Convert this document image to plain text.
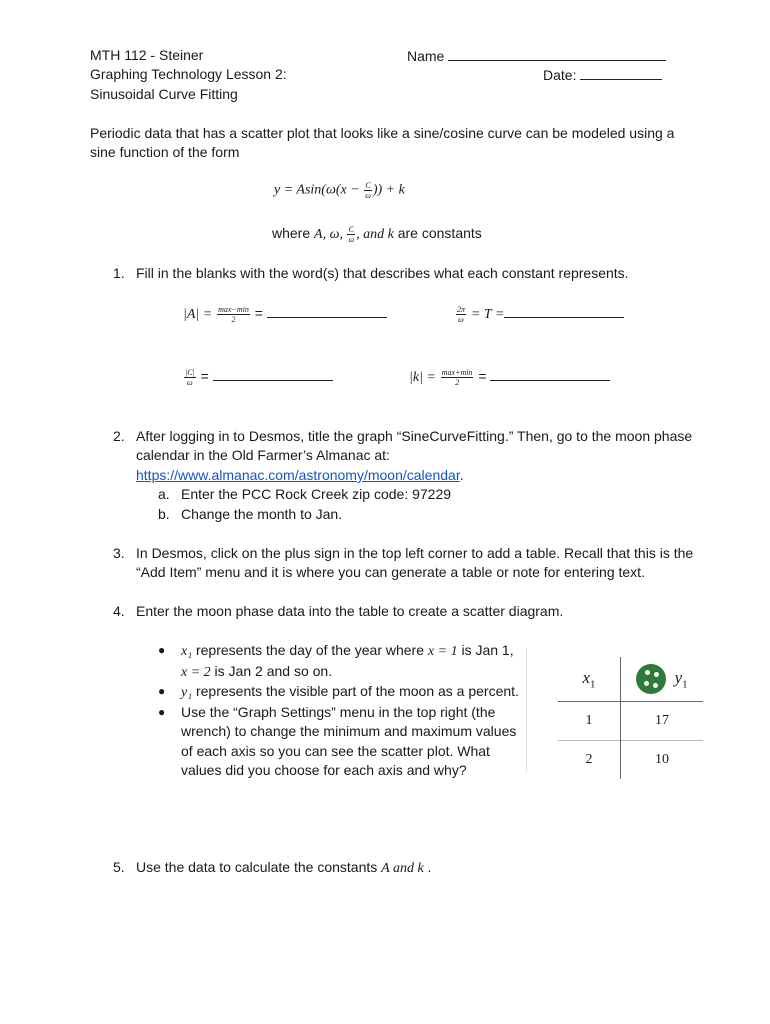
MTH 112 - Steiner
Graphing Technology Lesson 2:
Sinusoidal Curve Fitting
Name
Date:
Periodic data that has a scatter plot that looks like a sine/cosine curve can be modeled using a
sine function of the form
$y = Asin(\omega(x - \frac{C}{\omega}$ )) + k
where A, ω, $\frac{C}{\omega}$ , and k are constants
1. Fill in the blanks with the word(s) that describes what each constant represents.
$|A| = \frac{\max-\min}{2}$ =	$\frac{2\pi}{\omega} = T$ =
$\frac{|C|}{\omega}$ =	$|k| = \frac{\max+\min}{2}$ =
2. After logging in to Desmos, title the graph “SineCurveFitting.” Then, go to the moon phase
calendar in the Old Farmer’s Almanac at:
https://www.almanac.com/astronomy/moon/calendar.
a. Enter the PCC Rock Creek zip code: 97229
b. Change the month to Jan.
3. In Desmos, click on the plus sign in the top left corner to add a table. Recall that this is the
“Add Item” menu and it is where you can generate a table or note for entering text.
4. Enter the moon phase data into the table to create a scatter diagram.
● x₁ represents the day of the year where x = 1 is Jan 1,
x = 2 is Jan 2 and so on.
● y₁ represents the visible part of the moon as a percent.
● Use the “Graph Settings” menu in the top right (the
wrench) to change the minimum and maximum values
of each axis so you can see the scatter plot. What
values did you choose for each axis and why?
$x_1$	$y_1$
1	17
2	10
5. Use the data to calculate the constants A and k .
